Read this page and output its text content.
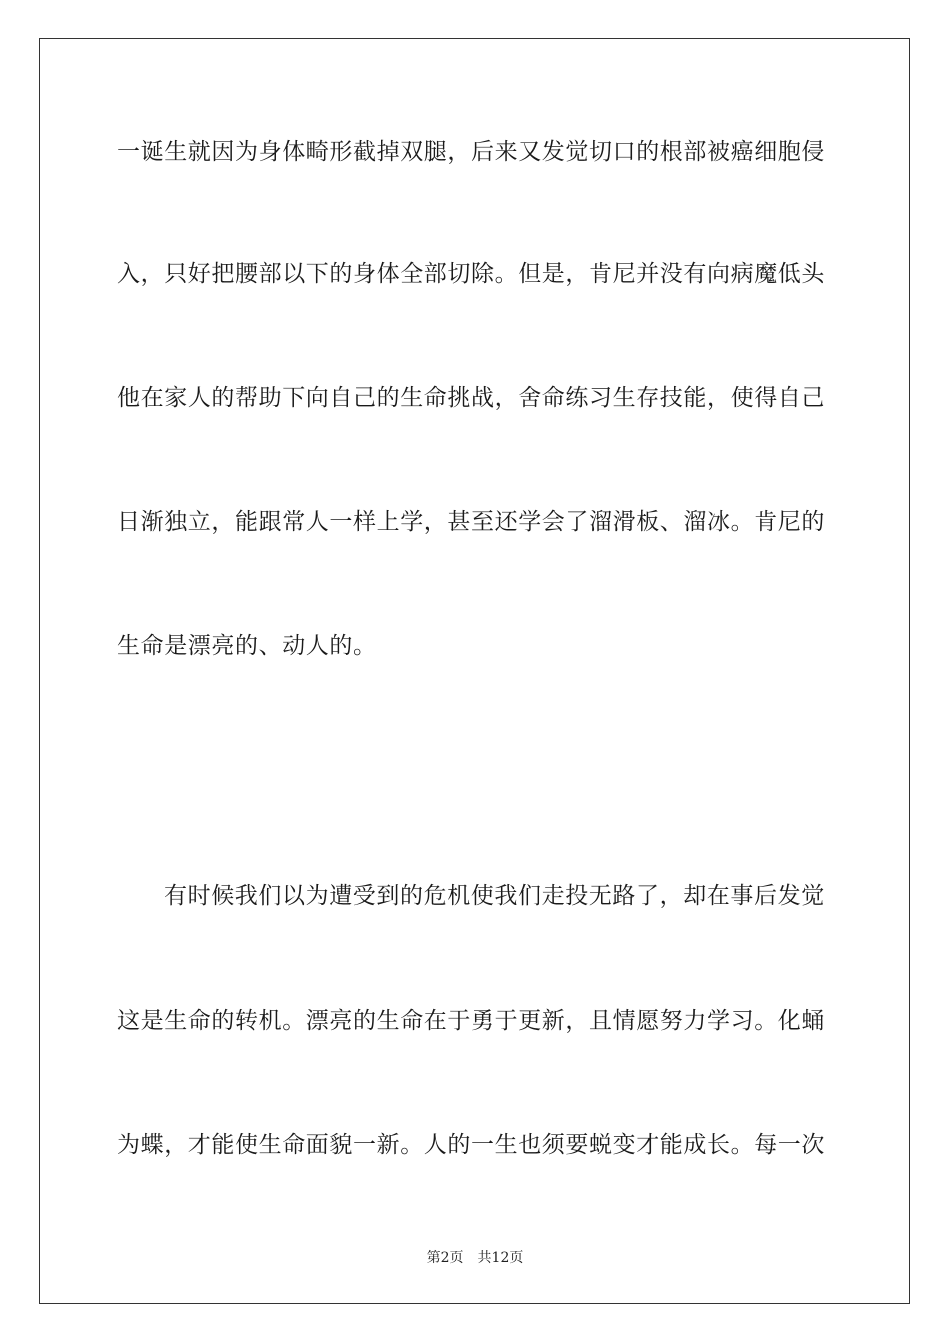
一诞生就因为身体畸形截掉双腿，后来又发觉切口的根部被癌细胞侵
入，只好把腰部以下的身体全部切除。但是，肯尼并没有向病魔低头
他在家人的帮助下向自己的生命挑战，舍命练习生存技能，使得自己
日渐独立，能跟常人一样上学，甚至还学会了溜滑板、溜冰。肯尼的
生命是漂亮的、动人的。
有时候我们以为遭受到的危机使我们走投无路了，却在事后发觉
这是生命的转机。漂亮的生命在于勇于更新，且情愿努力学习。化蛹
为蝶，才能使生命面貌一新。人的一生也须要蜕变才能成长。每一次
第2页 共12页
